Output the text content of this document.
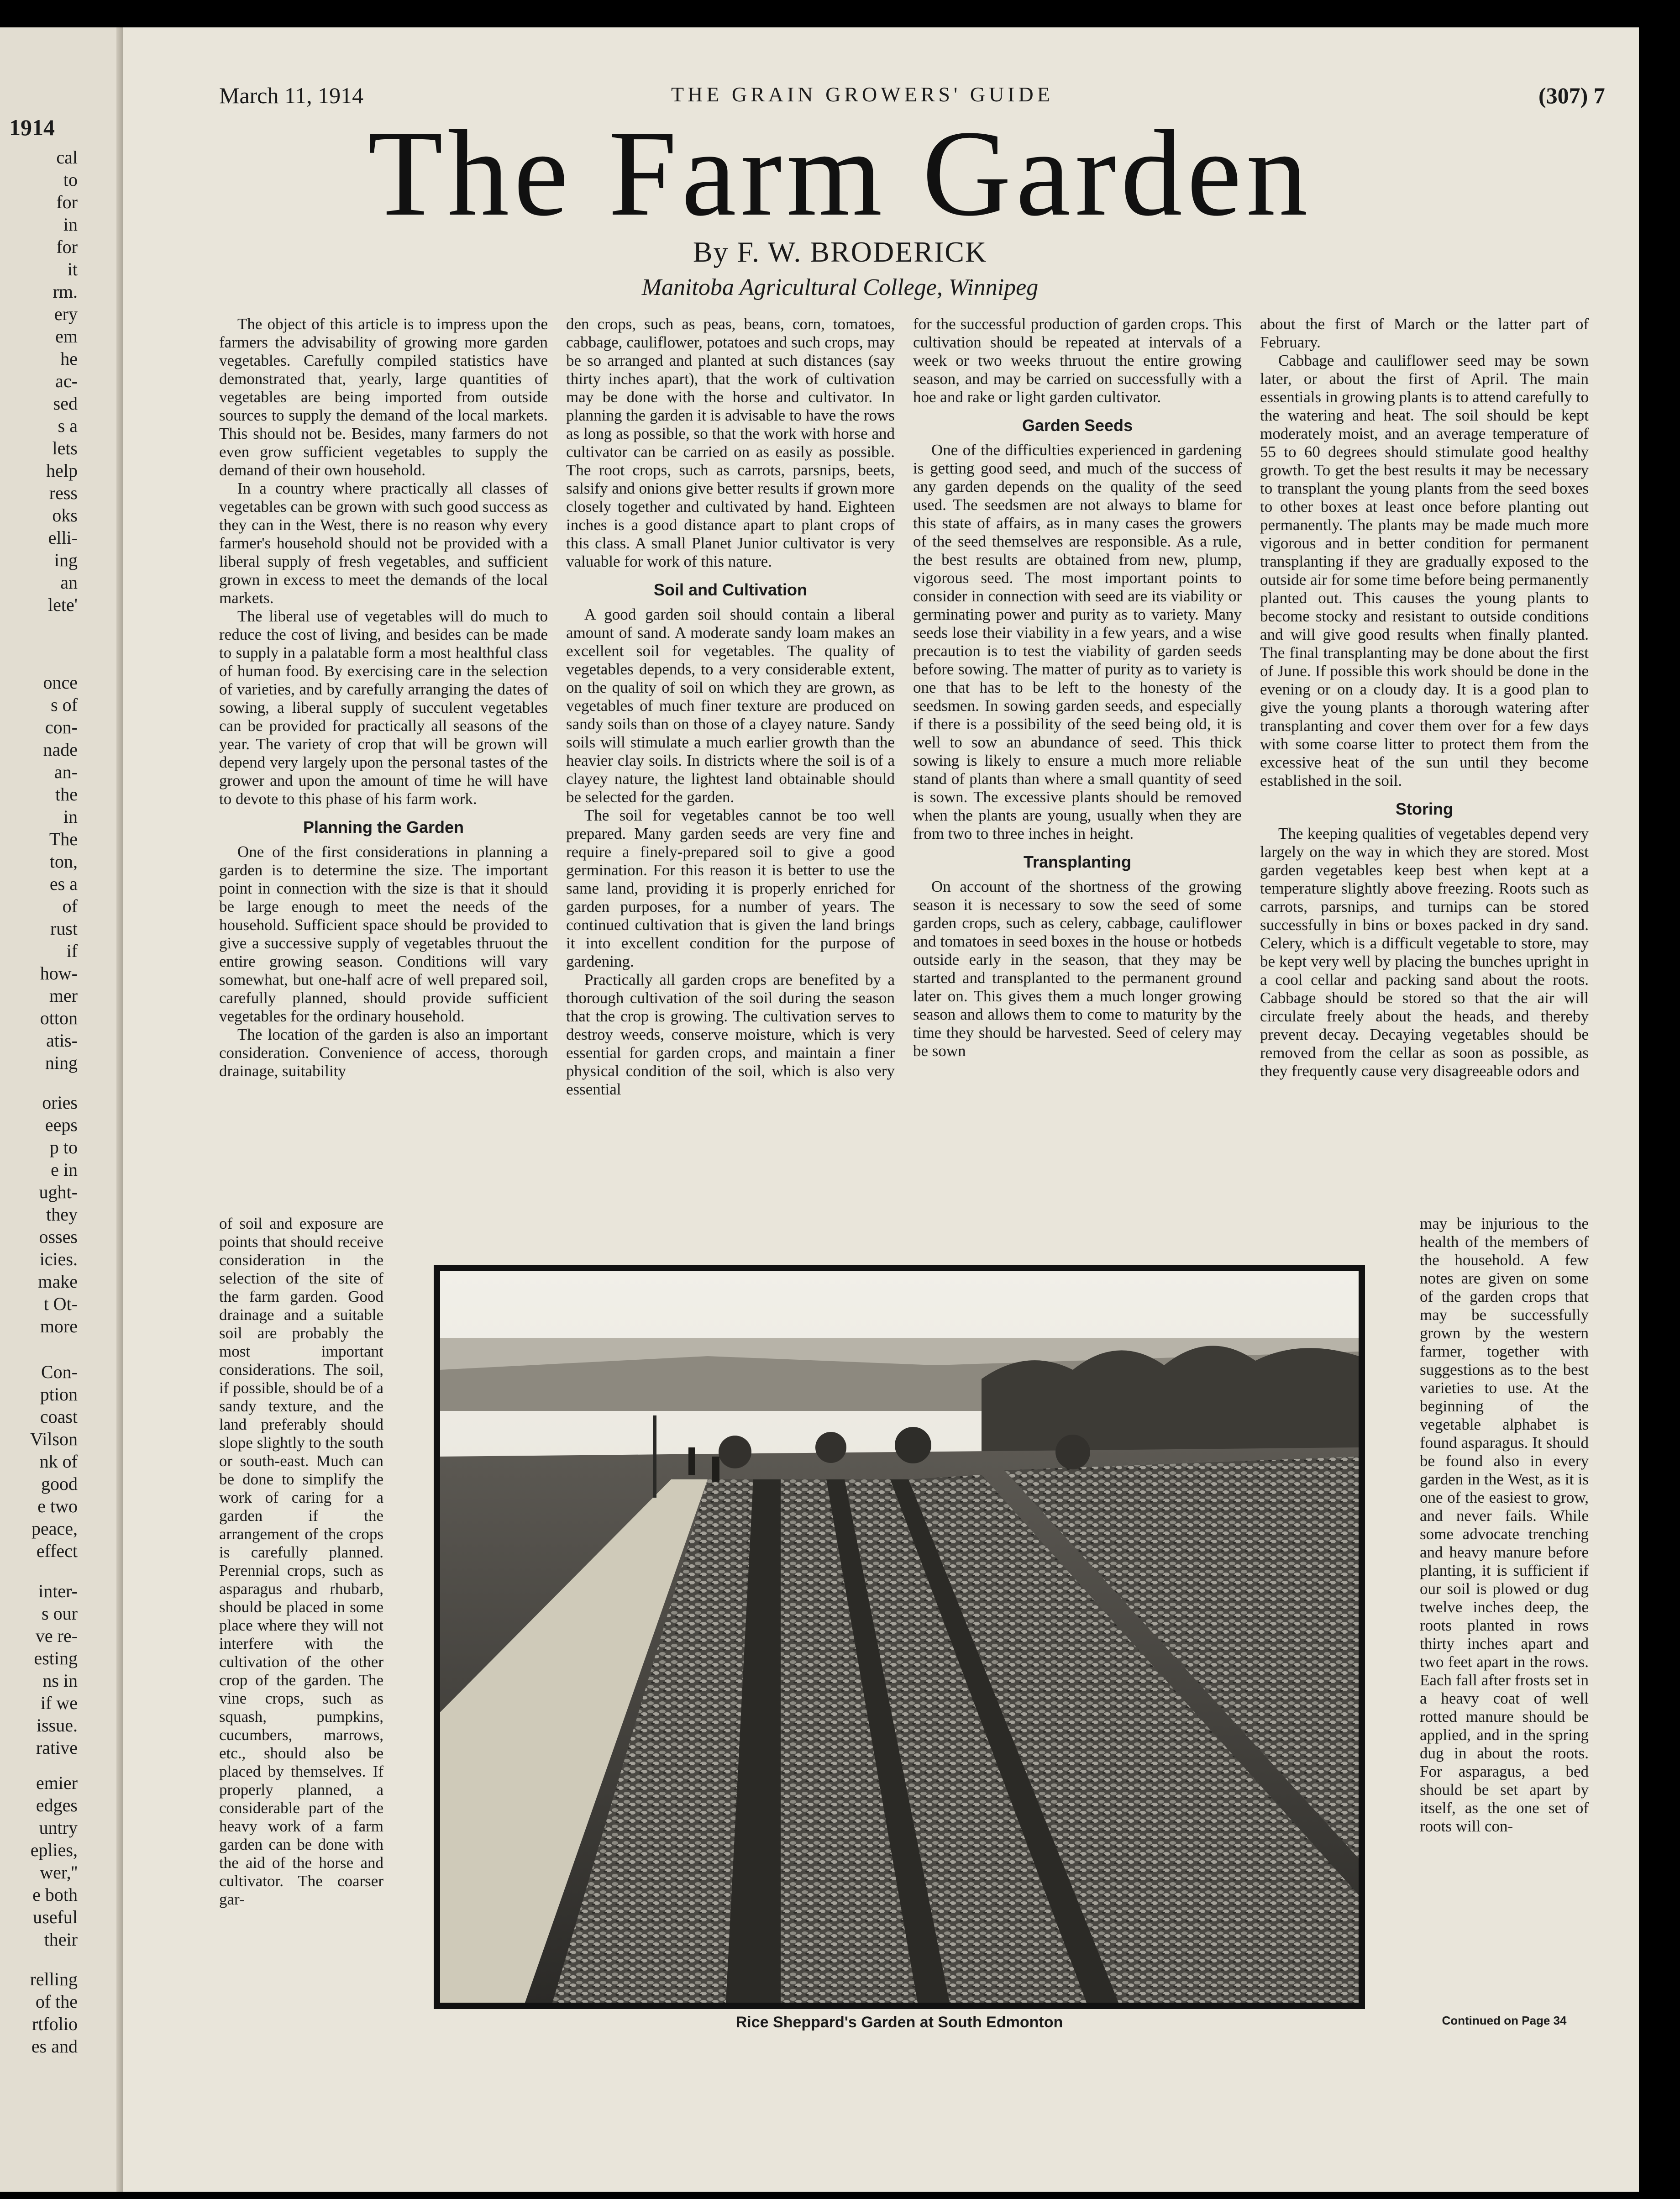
1914
cal
to
for
in
for
it
rm.
ery
em
he
ac-
sed
s a
lets
help
ress
oks
elli-
ing
an
lete'
once
s of
con-
nade
an-
the
in
The
ton,
es a
of
rust
if
how-
mer
otton
atis-
ning
ories
eeps
p to
e in
ught-
they
osses
icies.
make
t Ot-
more
Con-
ption
coast
Vilson
nk of
good
e two
peace,
effect
inter-
s our
ve re-
esting
ns in
if we
issue.
rative
emier
edges
untry
eplies,
wer,''
e both
useful
their
relling
of the
rtfolio
es and
March 11, 1914	THE GRAIN GROWERS' GUIDE	(307) 7
The Farm Garden
By F. W. BRODERICK
Manitoba Agricultural College, Winnipeg

The object of this article is to impress upon the farmers the advisability of growing more garden vegetables. Carefully compiled statistics have demonstrated that, yearly, large quantities of vegetables are being imported from outside sources to supply the demand of the local markets. This should not be. Besides, many farmers do not even grow sufficient vegetables to supply the demand of their own household.

In a country where practically all classes of vegetables can be grown with such good success as they can in the West, there is no reason why every farmer's household should not be provided with a liberal supply of fresh vegetables, and sufficient grown in excess to meet the demands of the local markets.

The liberal use of vegetables will do much to reduce the cost of living, and besides can be made to supply in a palatable form a most healthful class of human food. By exercising care in the selection of varieties, and by carefully arranging the dates of sowing, a liberal supply of succulent vegetables can be provided for practically all seasons of the year. The variety of crop that will be grown will depend very largely upon the personal tastes of the grower and upon the amount of time he will have to devote to this phase of his farm work.

Planning the Garden

One of the first considerations in planning a garden is to determine the size. The important point in connection with the size is that it should be large enough to meet the needs of the household. Sufficient space should be provided to give a successive supply of vegetables thruout the entire growing season. Conditions will vary somewhat, but one-half acre of well prepared soil, carefully planned, should provide sufficient vegetables for the ordinary household.

The location of the garden is also an important consideration. Convenience of access, thorough drainage, suitability

of soil and exposure are points that should receive consideration in the selection of the site of the farm garden. Good drainage and a suitable soil are probably the most important considerations. The soil, if possible, should be of a sandy texture, and the land preferably should slope slightly to the south or south-east. Much can be done to simplify the work of caring for a garden if the arrangement of the crops is carefully planned. Perennial crops, such as asparagus and rhubarb, should be placed in some place where they will not interfere with the cultivation of the other crop of the garden. The vine crops, such as squash, pumpkins, cucumbers, marrows, etc., should also be placed by themselves. If properly planned, a considerable part of the heavy work of a farm garden can be done with the aid of the horse and cultivator. The coarser gar-

den crops, such as peas, beans, corn, tomatoes, cabbage, cauliflower, potatoes and such crops, may be so arranged and planted at such distances (say thirty inches apart), that the work of cultivation may be done with the horse and cultivator. In planning the garden it is advisable to have the rows as long as possible, so that the work with horse and cultivator can be carried on as easily as possible. The root crops, such as carrots, parsnips, beets, salsify and onions give better results if grown more closely together and cultivated by hand. Eighteen inches is a good distance apart to plant crops of this class. A small Planet Junior cultivator is very valuable for work of this nature.

Soil and Cultivation

A good garden soil should contain a liberal amount of sand. A moderate sandy loam makes an excellent soil for vegetables. The quality of vegetables depends, to a very considerable extent, on the quality of soil on which they are grown, as vegetables of much finer texture are produced on sandy soils than on those of a clayey nature. Sandy soils will stimulate a much earlier growth than the heavier clay soils. In districts where the soil is of a clayey nature, the lightest land obtainable should be selected for the garden.

The soil for vegetables cannot be too well prepared. Many garden seeds are very fine and require a finely-prepared soil to give a good germination. For this reason it is better to use the same land, providing it is properly enriched for garden purposes, for a number of years. The continued cultivation that is given the land brings it into excellent condition for the purpose of gardening.

Practically all garden crops are benefited by a thorough cultivation of the soil during the season that the crop is growing. The cultivation serves to destroy weeds, conserve moisture, which is very essential for garden crops, and maintain a finer physical condition of the soil, which is also very essential

for the successful production of garden crops. This cultivation should be repeated at intervals of a week or two weeks thruout the entire growing season, and may be carried on successfully with a hoe and rake or light garden cultivator.

Garden Seeds

One of the difficulties experienced in gardening is getting good seed, and much of the success of any garden depends on the quality of the seed used. The seedsmen are not always to blame for this state of affairs, as in many cases the growers of the seed themselves are responsible. As a rule, the best results are obtained from new, plump, vigorous seed. The most important points to consider in connection with seed are its viability or germinating power and purity as to variety. Many seeds lose their viability in a few years, and a wise precaution is to test the viability of garden seeds before sowing. The matter of purity as to variety is one that has to be left to the honesty of the seedsmen. In sowing garden seeds, and especially if there is a possibility of the seed being old, it is well to sow an abundance of seed. This thick sowing is likely to ensure a much more reliable stand of plants than where a small quantity of seed is sown. The excessive plants should be removed when the plants are young, usually when they are from two to three inches in height.

Transplanting

On account of the shortness of the growing season it is necessary to sow the seed of some garden crops, such as celery, cabbage, cauliflower and tomatoes in seed boxes in the house or hotbeds outside early in the season, that they may be started and transplanted to the permanent ground later on. This gives them a much longer growing season and allows them to come to maturity by the time they should be harvested. Seed of celery may be sown

about the first of March or the latter part of February.

Cabbage and cauliflower seed may be sown later, or about the first of April. The main essentials in growing plants is to attend carefully to the watering and heat. The soil should be kept moderately moist, and an average temperature of 55 to 60 degrees should stimulate good healthy growth. To get the best results it may be necessary to transplant the young plants from the seed boxes to other boxes at least once before planting out permanently. The plants may be made much more vigorous and in better condition for permanent transplanting if they are gradually exposed to the outside air for some time before being permanently planted out. This causes the young plants to become stocky and resistant to outside conditions and will give good results when finally planted. The final transplanting may be done about the first of June. If possible this work should be done in the evening or on a cloudy day. It is a good plan to give the young plants a thorough watering after transplanting and cover them over for a few days with some coarse litter to protect them from the excessive heat of the sun until they become established in the soil.

Storing

The keeping qualities of vegetables depend very largely on the way in which they are stored. Most garden vegetables keep best when kept at a temperature slightly above freezing. Roots such as carrots, parsnips, and turnips can be stored successfully in bins or boxes packed in dry sand. Celery, which is a difficult vegetable to store, may be kept very well by placing the bunches upright in a cool cellar and packing sand about the roots. Cabbage should be stored so that the air will circulate freely about the heads, and thereby prevent decay. Decaying vegetables should be removed from the cellar as soon as possible, as they frequently cause very disagreeable odors and

may be injurious to the health of the members of the household. A few notes are given on some of the garden crops that may be successfully grown by the western farmer, together with suggestions as to the best varieties to use. At the beginning of the vegetable alphabet is found asparagus. It should be found also in every garden in the West, as it is one of the easiest to grow, and never fails. While some advocate trenching and heavy manure before planting, it is sufficient if our soil is plowed or dug twelve inches deep, the roots planted in rows thirty inches apart and two feet apart in the rows. Each fall after frosts set in a heavy coat of well rotted manure should be applied, and in the spring dug in about the roots. For asparagus, a bed should be set apart by itself, as the one set of roots will con-

Rice Sheppard's Garden at South Edmonton	Continued on Page 34
